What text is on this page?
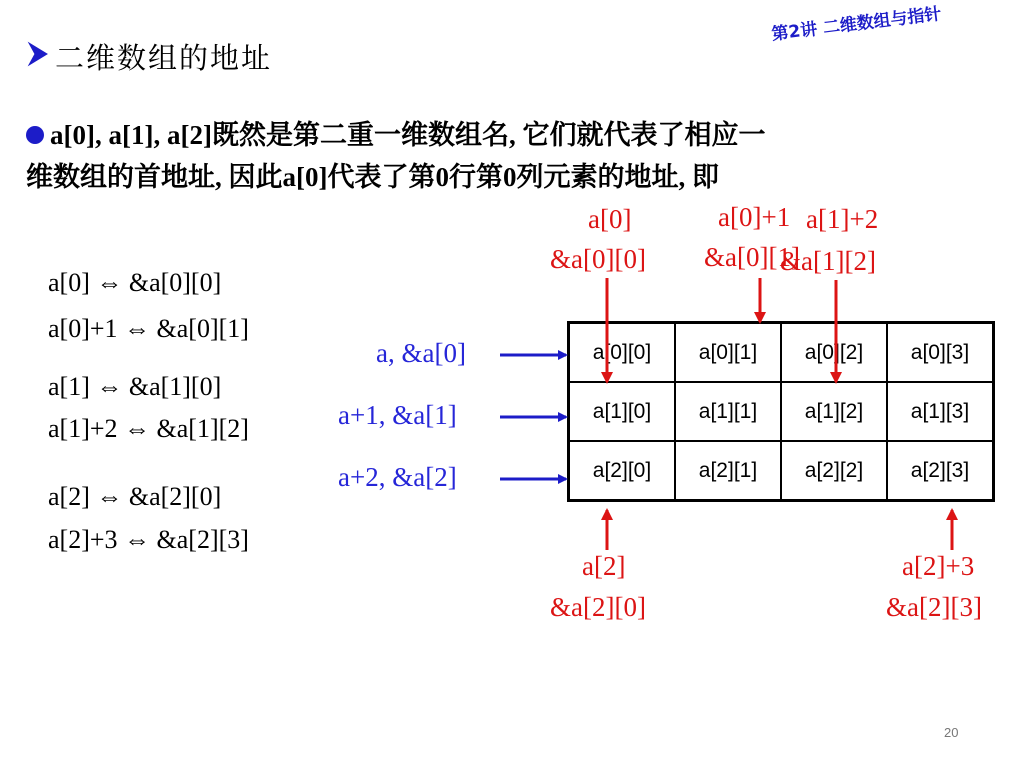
第2讲 二维数组与指针
二维数组的地址
a[0], a[1], a[2]既然是第二重一维数组名, 它们就代表了相应一
维数组的首地址, 因此a[0]代表了第0行第0列元素的地址, 即
a[0] ⇔ &a[0][0]
a[0]+1 ⇔ &a[0][1]
a[1] ⇔ &a[1][0]
a[1]+2 ⇔ &a[1][2]
a[2] ⇔ &a[2][0]
a[2]+3 ⇔ &a[2][3]
a, &a[0]
a+1, &a[1]
a+2, &a[2]
a[0][0]	a[0][1]	a[0][2]	a[0][3]
a[1][0]	a[1][1]	a[1][2]	a[1][3]
a[2][0]	a[2][1]	a[2][2]	a[2][3]
a[0]
&a[0][0]
a[0]+1
&a[0][1]
a[1]+2
&a[1][2]
a[2]
&a[2][0]
a[2]+3
&a[2][3]
20
